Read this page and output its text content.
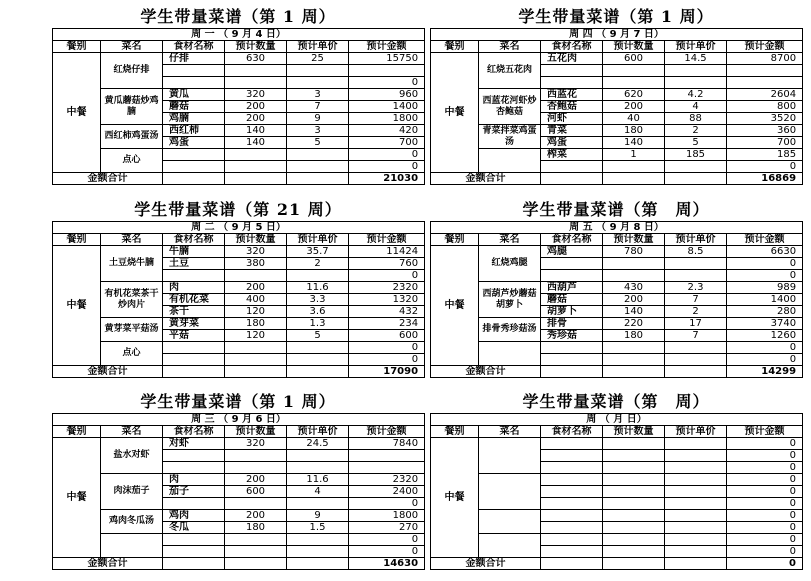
学生带量菜谱（第 1 周）
周 一 （ 9 月 4 日）					
餐别	菜名	食材名称	预计数量	预计单价	预计金额
中餐	红烧仔排	仔排	630	25	15750

					0
	黄瓜蘑菇炒鸡腩	黄瓜	320	3	960
		蘑菇	200	7	1400
		鸡腩	200	9	1800
	西红柿鸡蛋汤	西红柿	140	3	420
		鸡蛋	140	5	700
	点心				0
					0
金额合计					21030
学生带量菜谱（第 1 周）
周 四 （ 9 月 7 日）					
餐别	菜名	食材名称	预计数量	预计单价	预计金额
中餐	红烧五花肉	五花肉	600	14.5	8700

	西蓝花河虾炒杏鲍菇	西蓝花	620	4.2	2604
		杏鲍菇	200	4	800
		河虾	40	88	3520
	青菜拌菜鸡蛋汤	青菜	180	2	360
		鸡蛋	140	5	700
		榨菜	1	185	185
					0
金额合计					16869
学生带量菜谱（第 21 周）
周 二 （ 9 月 5 日）					
餐别	菜名	食材名称	预计数量	预计单价	预计金额
中餐	土豆烧牛腩	牛腩	320	35.7	11424
		土豆	380	2	760
					0
	有机花菜茶干炒肉片	肉	200	11.6	2320
		有机花菜	400	3.3	1320
		茶干	120	3.6	432
	黄芽菜平菇汤	黄芽菜	180	1.3	234
		平菇	120	5	600
	点心				0
					0
金额合计					17090
学生带量菜谱（第　周）
周 五 （ 9 月 8 日）					
餐别	菜名	食材名称	预计数量	预计单价	预计金额
中餐	红烧鸡腿	鸡腿	780	8.5	6630
					0
					0
	西葫芦炒蘑菇胡萝卜	西葫芦	430	2.3	989
		蘑菇	200	7	1400
		胡萝卜	140	2	280
	排骨秀珍菇汤	排骨	220	17	3740
		秀珍菇	180	7	1260
					0
					0
金额合计					14299
学生带量菜谱（第 1 周）
周 三 （ 9 月 6 日）					
餐别	菜名	食材名称	预计数量	预计单价	预计金额
中餐	盐水对虾	对虾	320	24.5	7840

	肉沫茄子	肉	200	11.6	2320
		茄子	600	4	2400
					0
	鸡肉冬瓜汤	鸡肉	200	9	1800
		冬瓜	180	1.5	270
					0
					0
金额合计					14630
学生带量菜谱（第　周）
周 （ 月 日）					
餐别	菜名	食材名称	预计数量	预计单价	预计金额
中餐					0
					0
					0
					0
					0
					0
					0
					0
					0
					0
金额合计					0
